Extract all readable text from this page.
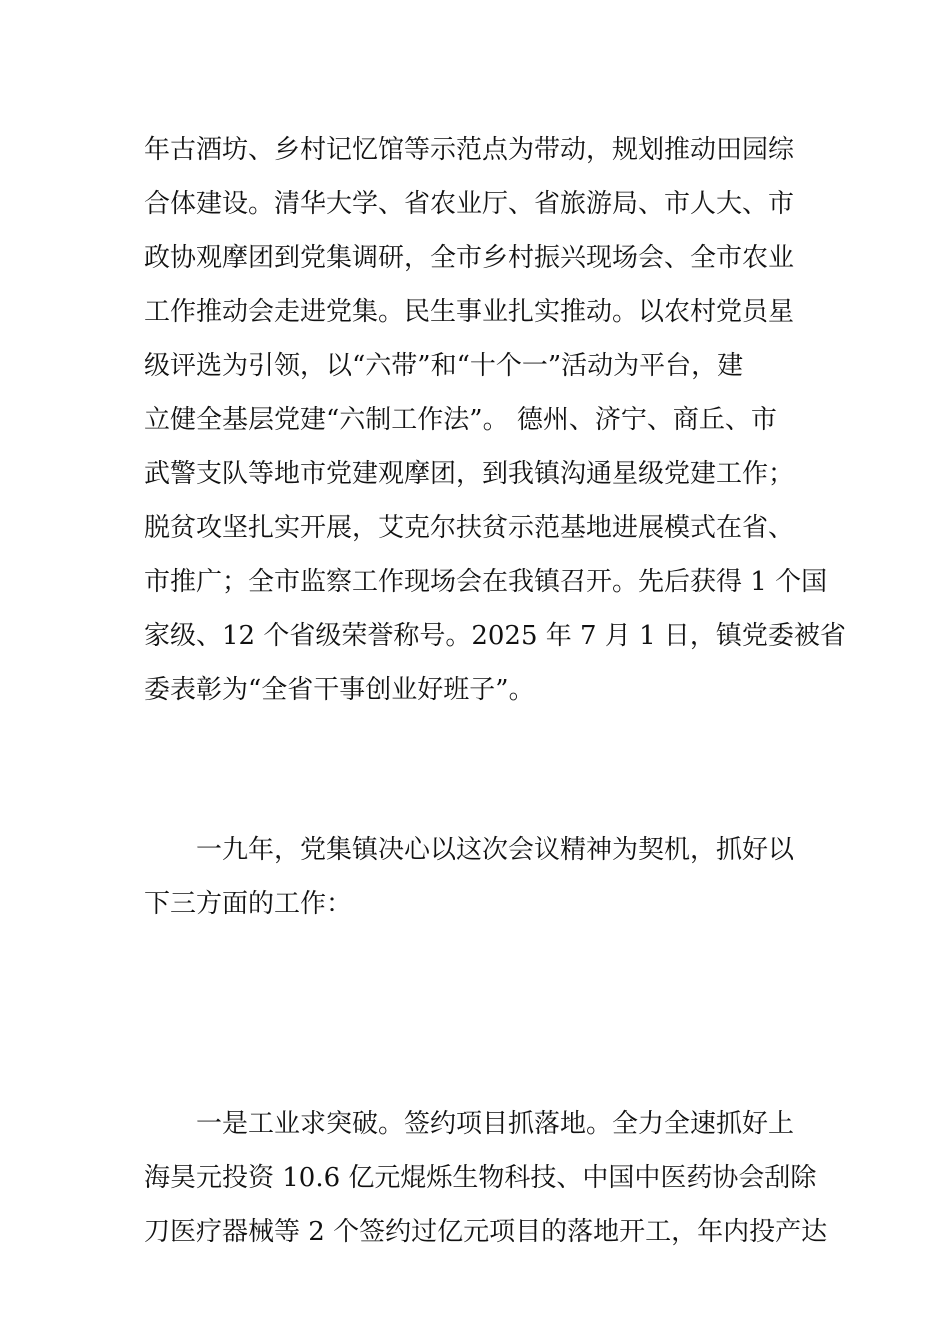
年古酒坊、乡村记忆馆等示范点为带动，规划推动田园综
合体建设。清华大学、省农业厅、省旅游局、市人大、市
政协观摩团到党集调研，全市乡村振兴现场会、全市农业
工作推动会走进党集。民生事业扎实推动。以农村党员星
级评选为引领，以“六带”和“十个一”活动为平台，建
立健全基层党建“六制工作法”。 德州、济宁、商丘、市
武警支队等地市党建观摩团，到我镇沟通星级党建工作；
脱贫攻坚扎实开展，艾克尔扶贫示范基地进展模式在省、
市推广；全市监察工作现场会在我镇召开。先后获得 1 个国
家级、12 个省级荣誉称号。2025 年 7 月 1 日，镇党委被省
委表彰为“全省干事创业好班子”。
　　一九年，党集镇决心以这次会议精神为契机，抓好以
下三方面的工作：
　　一是工业求突破。签约项目抓落地。全力全速抓好上
海昊元投资 10.6 亿元焜烁生物科技、中国中医药协会刮除
刀医疗器械等 2 个签约过亿元项目的落地开工，年内投产达
